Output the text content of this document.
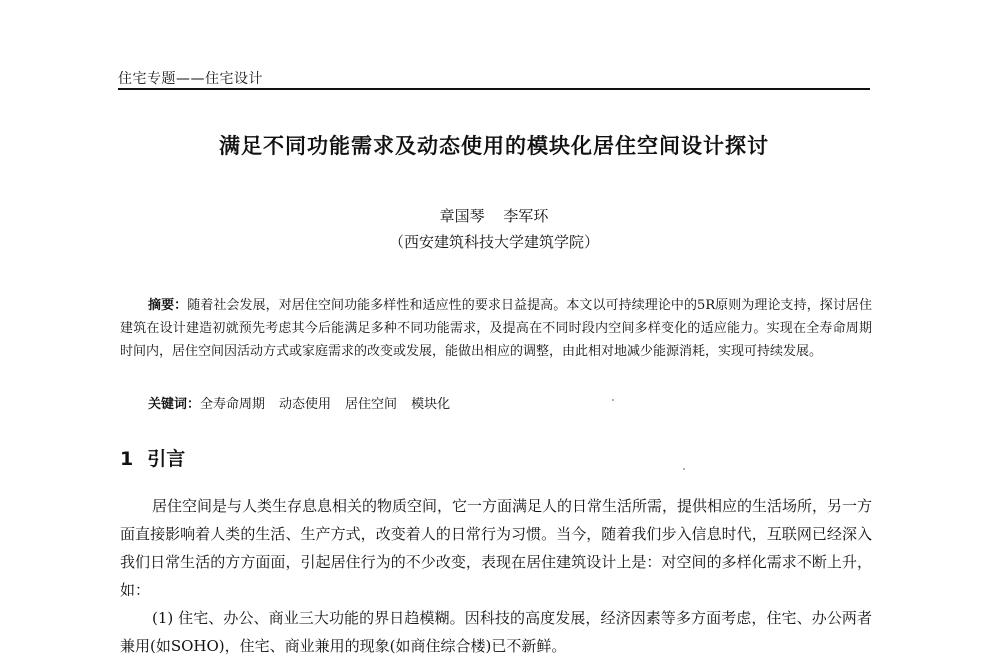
住宅专题——住宅设计
满足不同功能需求及动态使用的模块化居住空间设计探讨
章国琴 李军环
（西安建筑科技大学建筑学院）
摘要：随着社会发展，对居住空间功能多样性和适应性的要求日益提高。本文以可持续理论中的5R原则为理论支持，探讨居住建筑在设计建造初就预先考虑其今后能满足多种不同功能需求，及提高在不同时段内空间多样变化的适应能力。实现在全寿命周期时间内，居住空间因活动方式或家庭需求的改变或发展，能做出相应的调整，由此相对地减少能源消耗，实现可持续发展。
关键词：全寿命周期 动态使用 居住空间 模块化
1 引言
居住空间是与人类生存息息相关的物质空间，它一方面满足人的日常生活所需，提供相应的生活场所，另一方面直接影响着人类的生活、生产方式，改变着人的日常行为习惯。当今，随着我们步入信息时代，互联网已经深入我们日常生活的方方面面，引起居住行为的不少改变，表现在居住建筑设计上是：对空间的多样化需求不断上升，如：
(1) 住宅、办公、商业三大功能的界日趋模糊。因科技的高度发展，经济因素等多方面考虑，住宅、办公两者兼用(如SOHO)，住宅、商业兼用的现象(如商住综合楼)已不新鲜。
